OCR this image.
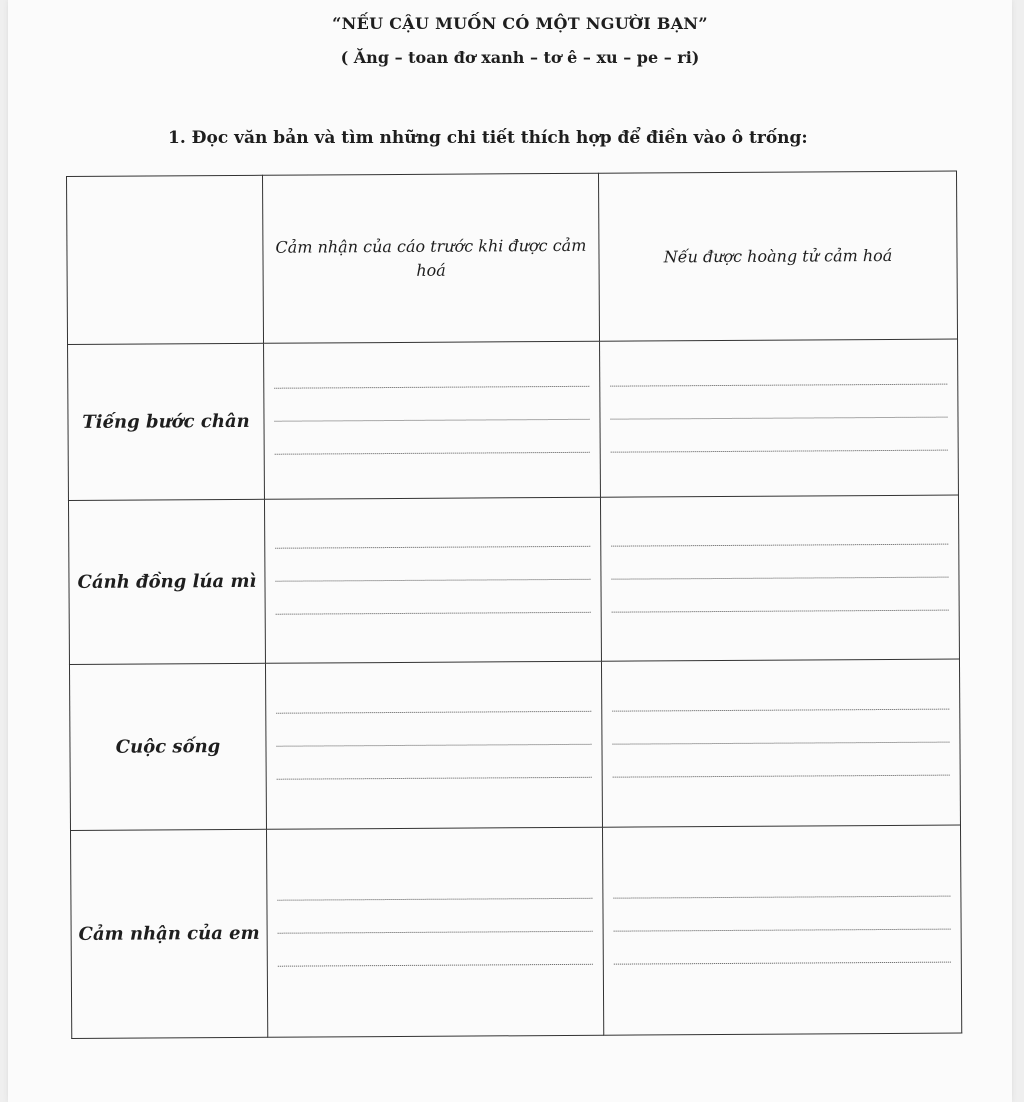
“NẾU CẬU MUỐN CÓ MỘT NGƯỜI BẠN”
( Ăng – toan đơ xanh – tơ ê – xu – pe – ri)
1. Đọc văn bản và tìm những chi tiết thích hợp để điền vào ô trống:
	Cảm nhận của cáo trước khi được cảm hoá	Nếu được hoàng tử cảm hoá
Tiếng bước chân	

Cánh đồng lúa mì	

Cuộc sống	

Cảm nhận của em	
